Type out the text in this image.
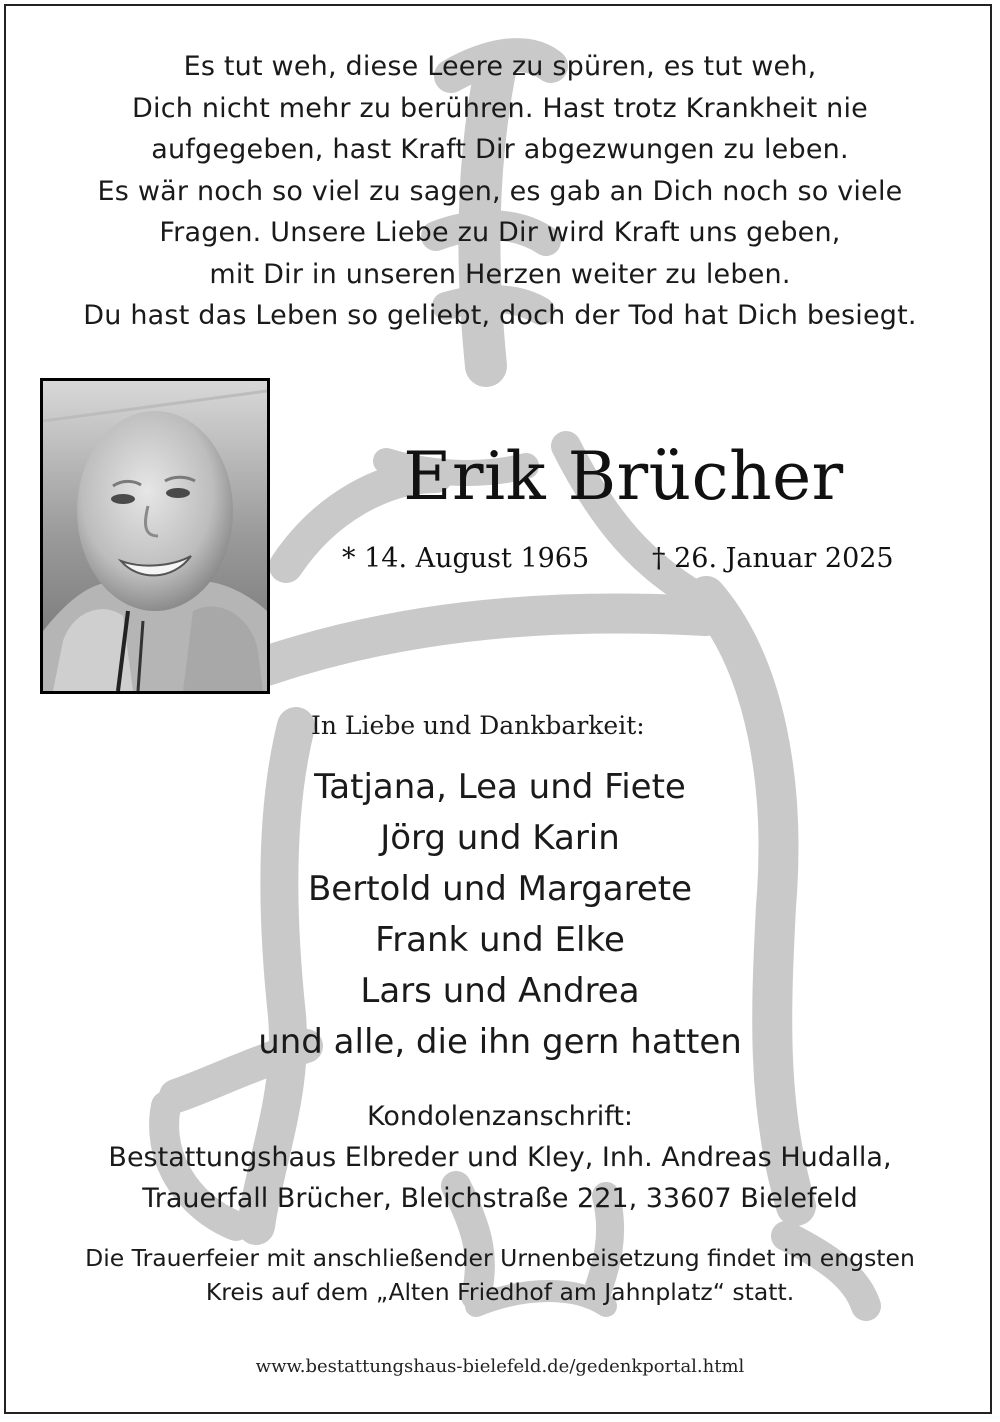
Es tut weh, diese Leere zu spüren, es tut weh,
Dich nicht mehr zu berühren. Hast trotz Krankheit nie
aufgegeben, hast Kraft Dir abgezwungen zu leben.
Es wär noch so viel zu sagen, es gab an Dich noch so viele
Fragen. Unsere Liebe zu Dir wird Kraft uns geben,
mit Dir in unseren Herzen weiter zu leben.
Du hast das Leben so geliebt, doch der Tod hat Dich besiegt.
Erik Brücher
* 14. August 1965 † 26. Januar 2025
In Liebe und Dankbarkeit:
Tatjana, Lea und Fiete
Jörg und Karin
Bertold und Margarete
Frank und Elke
Lars und Andrea
und alle, die ihn gern hatten
Kondolenzanschrift:
Bestattungshaus Elbreder und Kley, Inh. Andreas Hudalla,
Trauerfall Brücher, Bleichstraße 221, 33607 Bielefeld
Die Trauerfeier mit anschließender Urnenbeisetzung findet im engsten
Kreis auf dem „Alten Friedhof am Jahnplatz“ statt.
www.bestattungshaus-bielefeld.de/gedenkportal.html
